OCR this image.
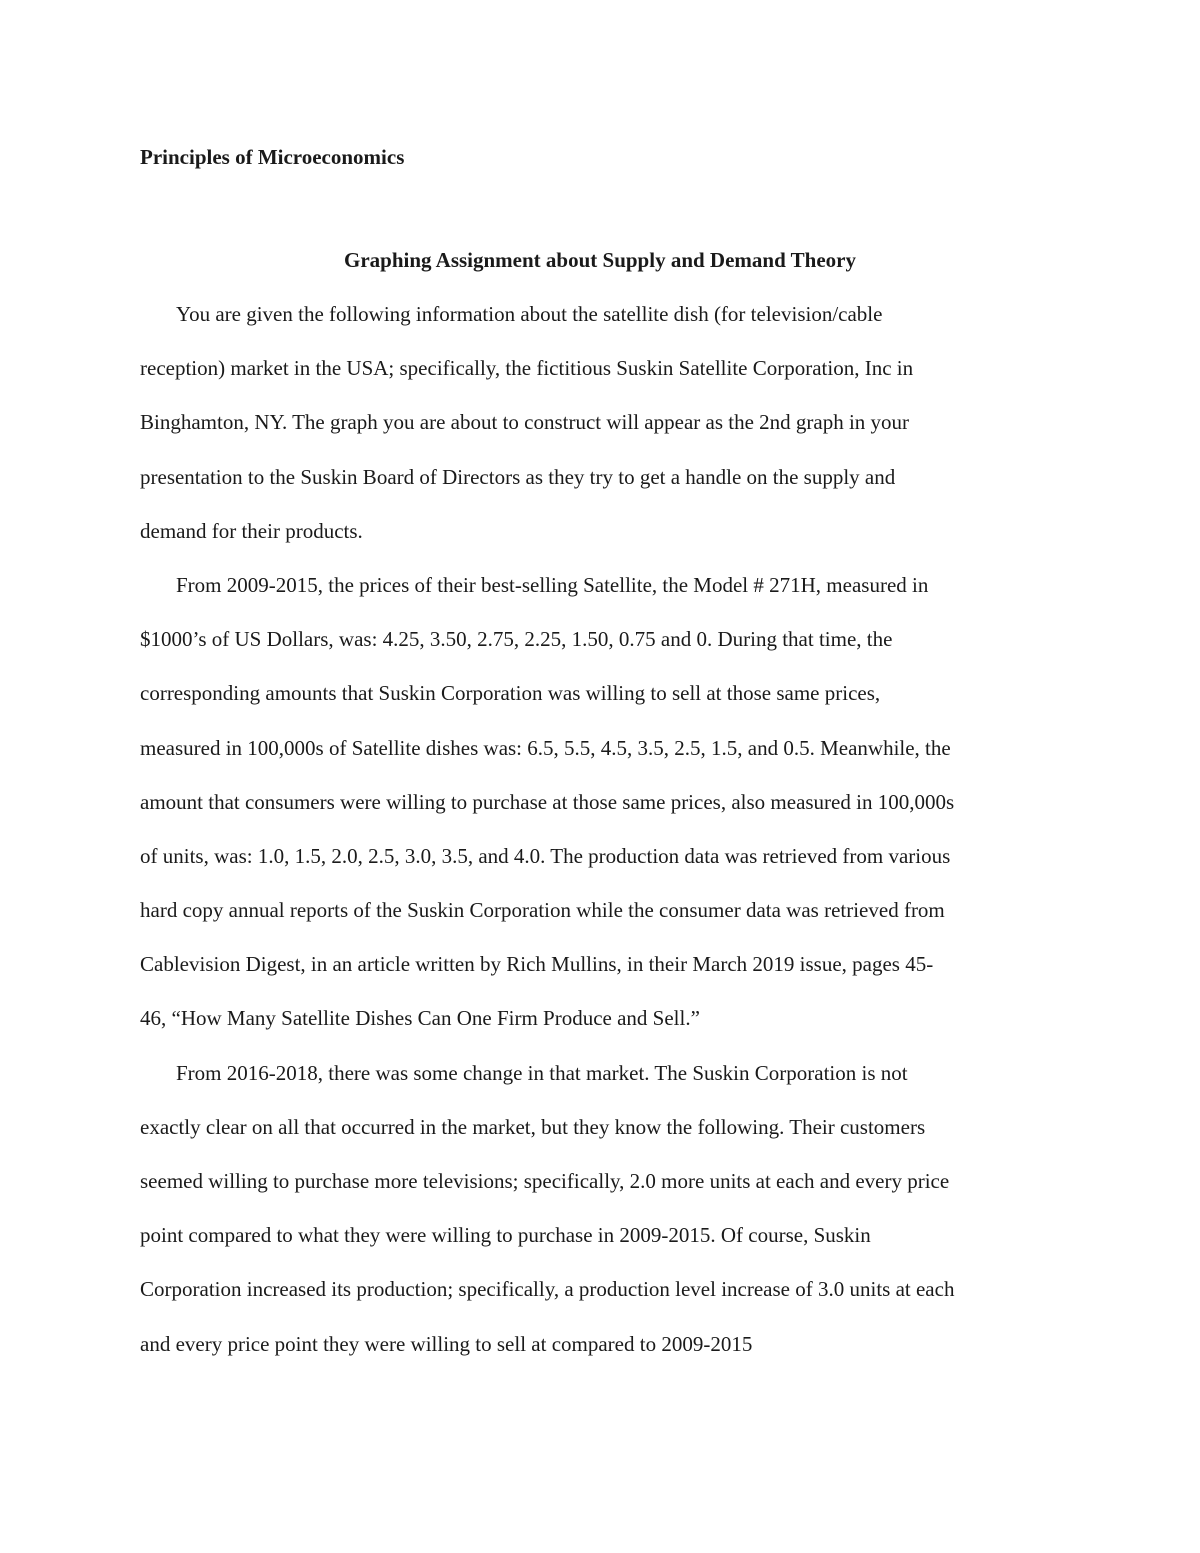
Principles of Microeconomics
Graphing Assignment about Supply and Demand Theory
You are given the following information about the satellite dish (for television/cable
reception) market in the USA; specifically, the fictitious Suskin Satellite Corporation, Inc in
Binghamton, NY. The graph you are about to construct will appear as the 2nd graph in your
presentation to the Suskin Board of Directors as they try to get a handle on the supply and
demand for their products.
From 2009-2015, the prices of their best-selling Satellite, the Model # 271H, measured in
$1000’s of US Dollars, was: 4.25, 3.50, 2.75, 2.25, 1.50, 0.75 and 0. During that time, the
corresponding amounts that Suskin Corporation was willing to sell at those same prices,
measured in 100,000s of Satellite dishes was: 6.5, 5.5, 4.5, 3.5, 2.5, 1.5, and 0.5. Meanwhile, the
amount that consumers were willing to purchase at those same prices, also measured in 100,000s
of units, was: 1.0, 1.5, 2.0, 2.5, 3.0, 3.5, and 4.0. The production data was retrieved from various
hard copy annual reports of the Suskin Corporation while the consumer data was retrieved from
Cablevision Digest, in an article written by Rich Mullins, in their March 2019 issue, pages 45-
46, “How Many Satellite Dishes Can One Firm Produce and Sell.”
From 2016-2018, there was some change in that market. The Suskin Corporation is not
exactly clear on all that occurred in the market, but they know the following. Their customers
seemed willing to purchase more televisions; specifically, 2.0 more units at each and every price
point compared to what they were willing to purchase in 2009-2015. Of course, Suskin
Corporation increased its production; specifically, a production level increase of 3.0 units at each
and every price point they were willing to sell at compared to 2009-2015
